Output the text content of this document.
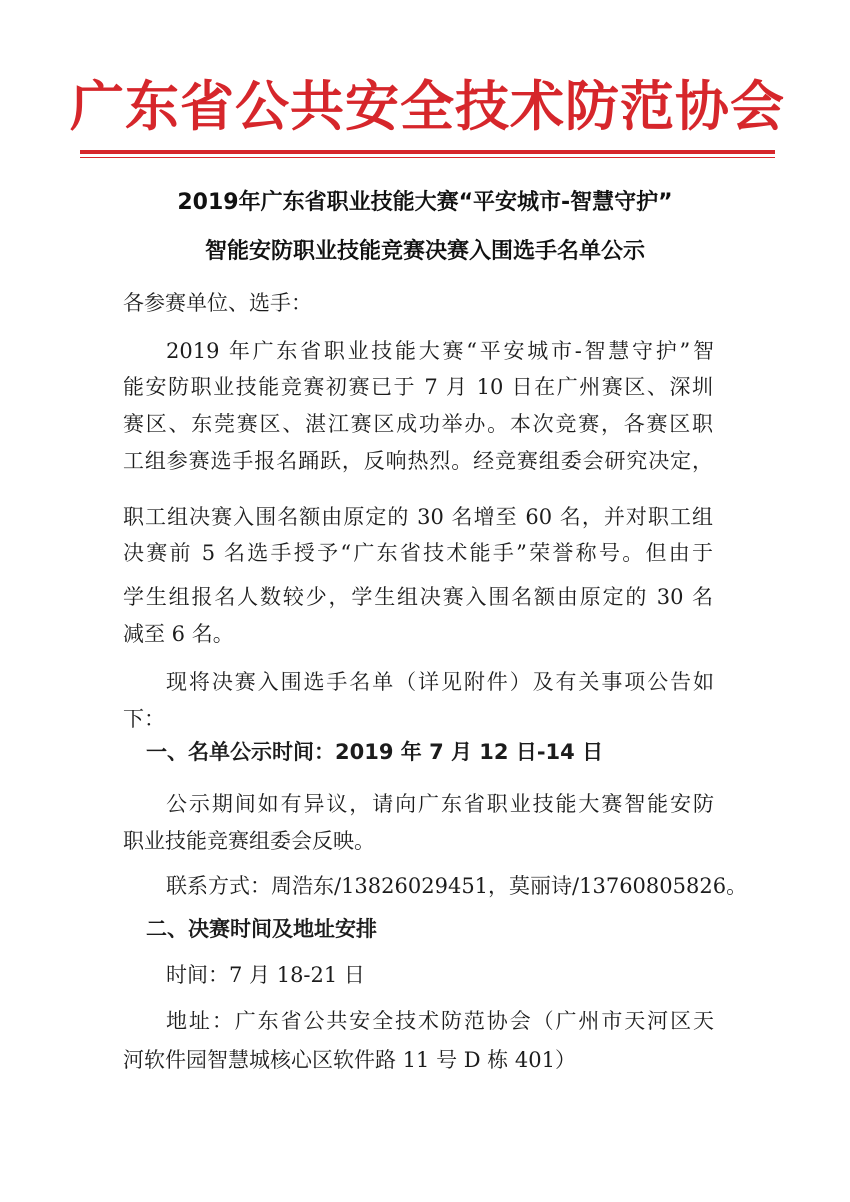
广东省公共安全技术防范协会
2019年广东省职业技能大赛“平安城市-智慧守护”
智能安防职业技能竞赛决赛入围选手名单公示
各参赛单位、选手：
2019 年广东省职业技能大赛“平安城市-智慧守护”智
能安防职业技能竞赛初赛已于 7 月 10 日在广州赛区、深圳
赛区、东莞赛区、湛江赛区成功举办。本次竞赛，各赛区职
工组参赛选手报名踊跃，反响热烈。经竞赛组委会研究决定，
职工组决赛入围名额由原定的 30 名增至 60 名，并对职工组
决赛前 5 名选手授予“广东省技术能手”荣誉称号。但由于
学生组报名人数较少，学生组决赛入围名额由原定的 30 名
减至 6 名。
现将决赛入围选手名单（详见附件）及有关事项公告如
下：
一、名单公示时间：2019 年 7 月 12 日-14 日
公示期间如有异议，请向广东省职业技能大赛智能安防
职业技能竞赛组委会反映。
联系方式：周浩东/13826029451，莫丽诗/13760805826。
二、决赛时间及地址安排
时间：7 月 18-21 日
地址：广东省公共安全技术防范协会（广州市天河区天
河软件园智慧城核心区软件路 11 号 D 栋 401）
